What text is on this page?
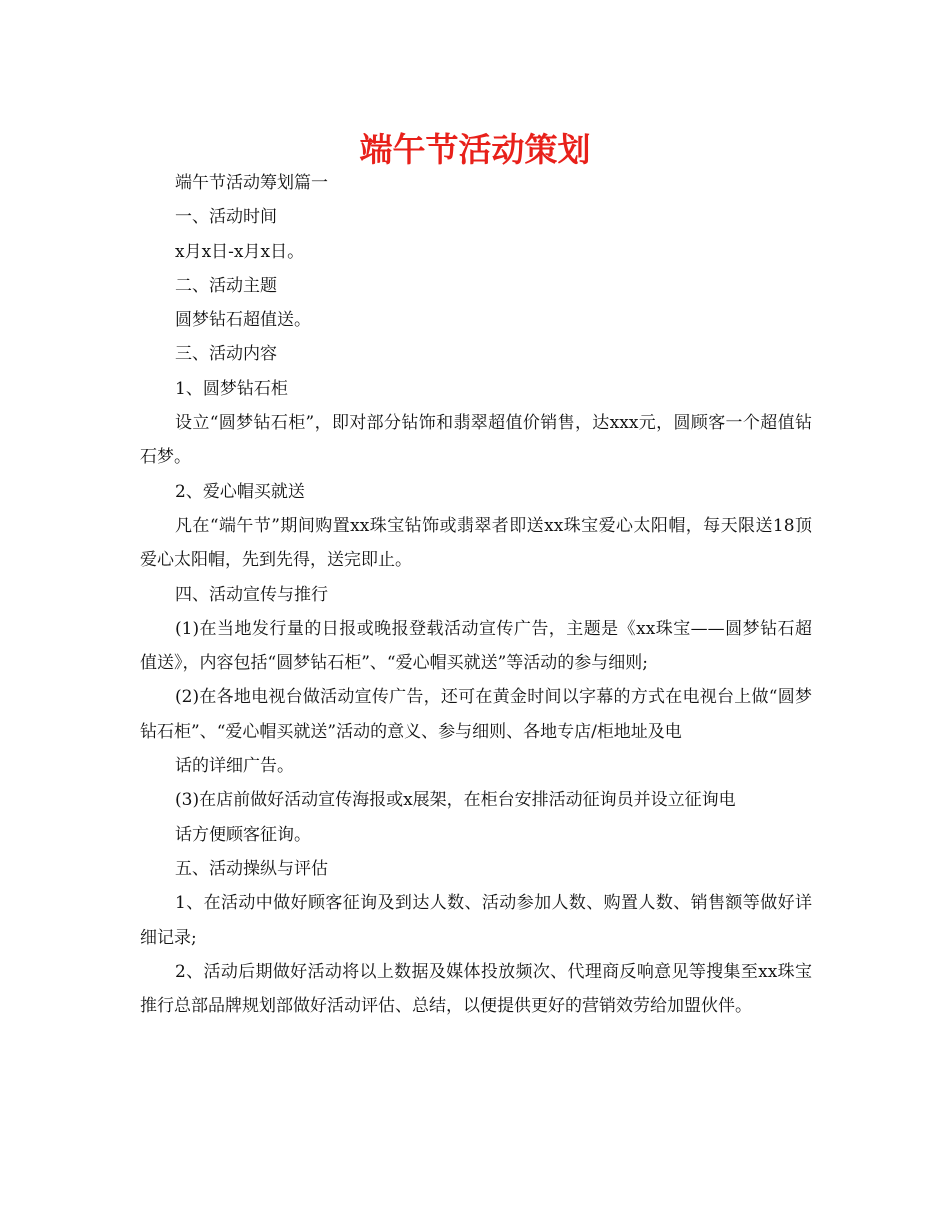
端午节活动策划

端午节活动筹划篇一

一、活动时间

x月x日-x月x日。

二、活动主题

圆梦钻石超值送。

三、活动内容

1、圆梦钻石柜

设立“圆梦钻石柜”，即对部分钻饰和翡翠超值价销售，达xxx元，圆顾客一个超值钻石梦。

2、爱心帽买就送

凡在“端午节”期间购置xx珠宝钻饰或翡翠者即送xx珠宝爱心太阳帽，每天限送18顶爱心太阳帽，先到先得，送完即止。

四、活动宣传与推行

(1)在当地发行量的日报或晚报登载活动宣传广告，主题是《xx珠宝——圆梦钻石超值送》，内容包括“圆梦钻石柜”、“爱心帽买就送”等活动的参与细则;

(2)在各地电视台做活动宣传广告，还可在黄金时间以字幕的方式在电视台上做“圆梦钻石柜”、“爱心帽买就送”活动的意义、参与细则、各地专店/柜地址及电

话的详细广告。

(3)在店前做好活动宣传海报或x展架，在柜台安排活动征询员并设立征询电

话方便顾客征询。

五、活动操纵与评估

1、在活动中做好顾客征询及到达人数、活动参加人数、购置人数、销售额等做好详细记录;

2、活动后期做好活动将以上数据及媒体投放频次、代理商反响意见等搜集至xx珠宝推行总部品牌规划部做好活动评估、总结，以便提供更好的营销效劳给加盟伙伴。
